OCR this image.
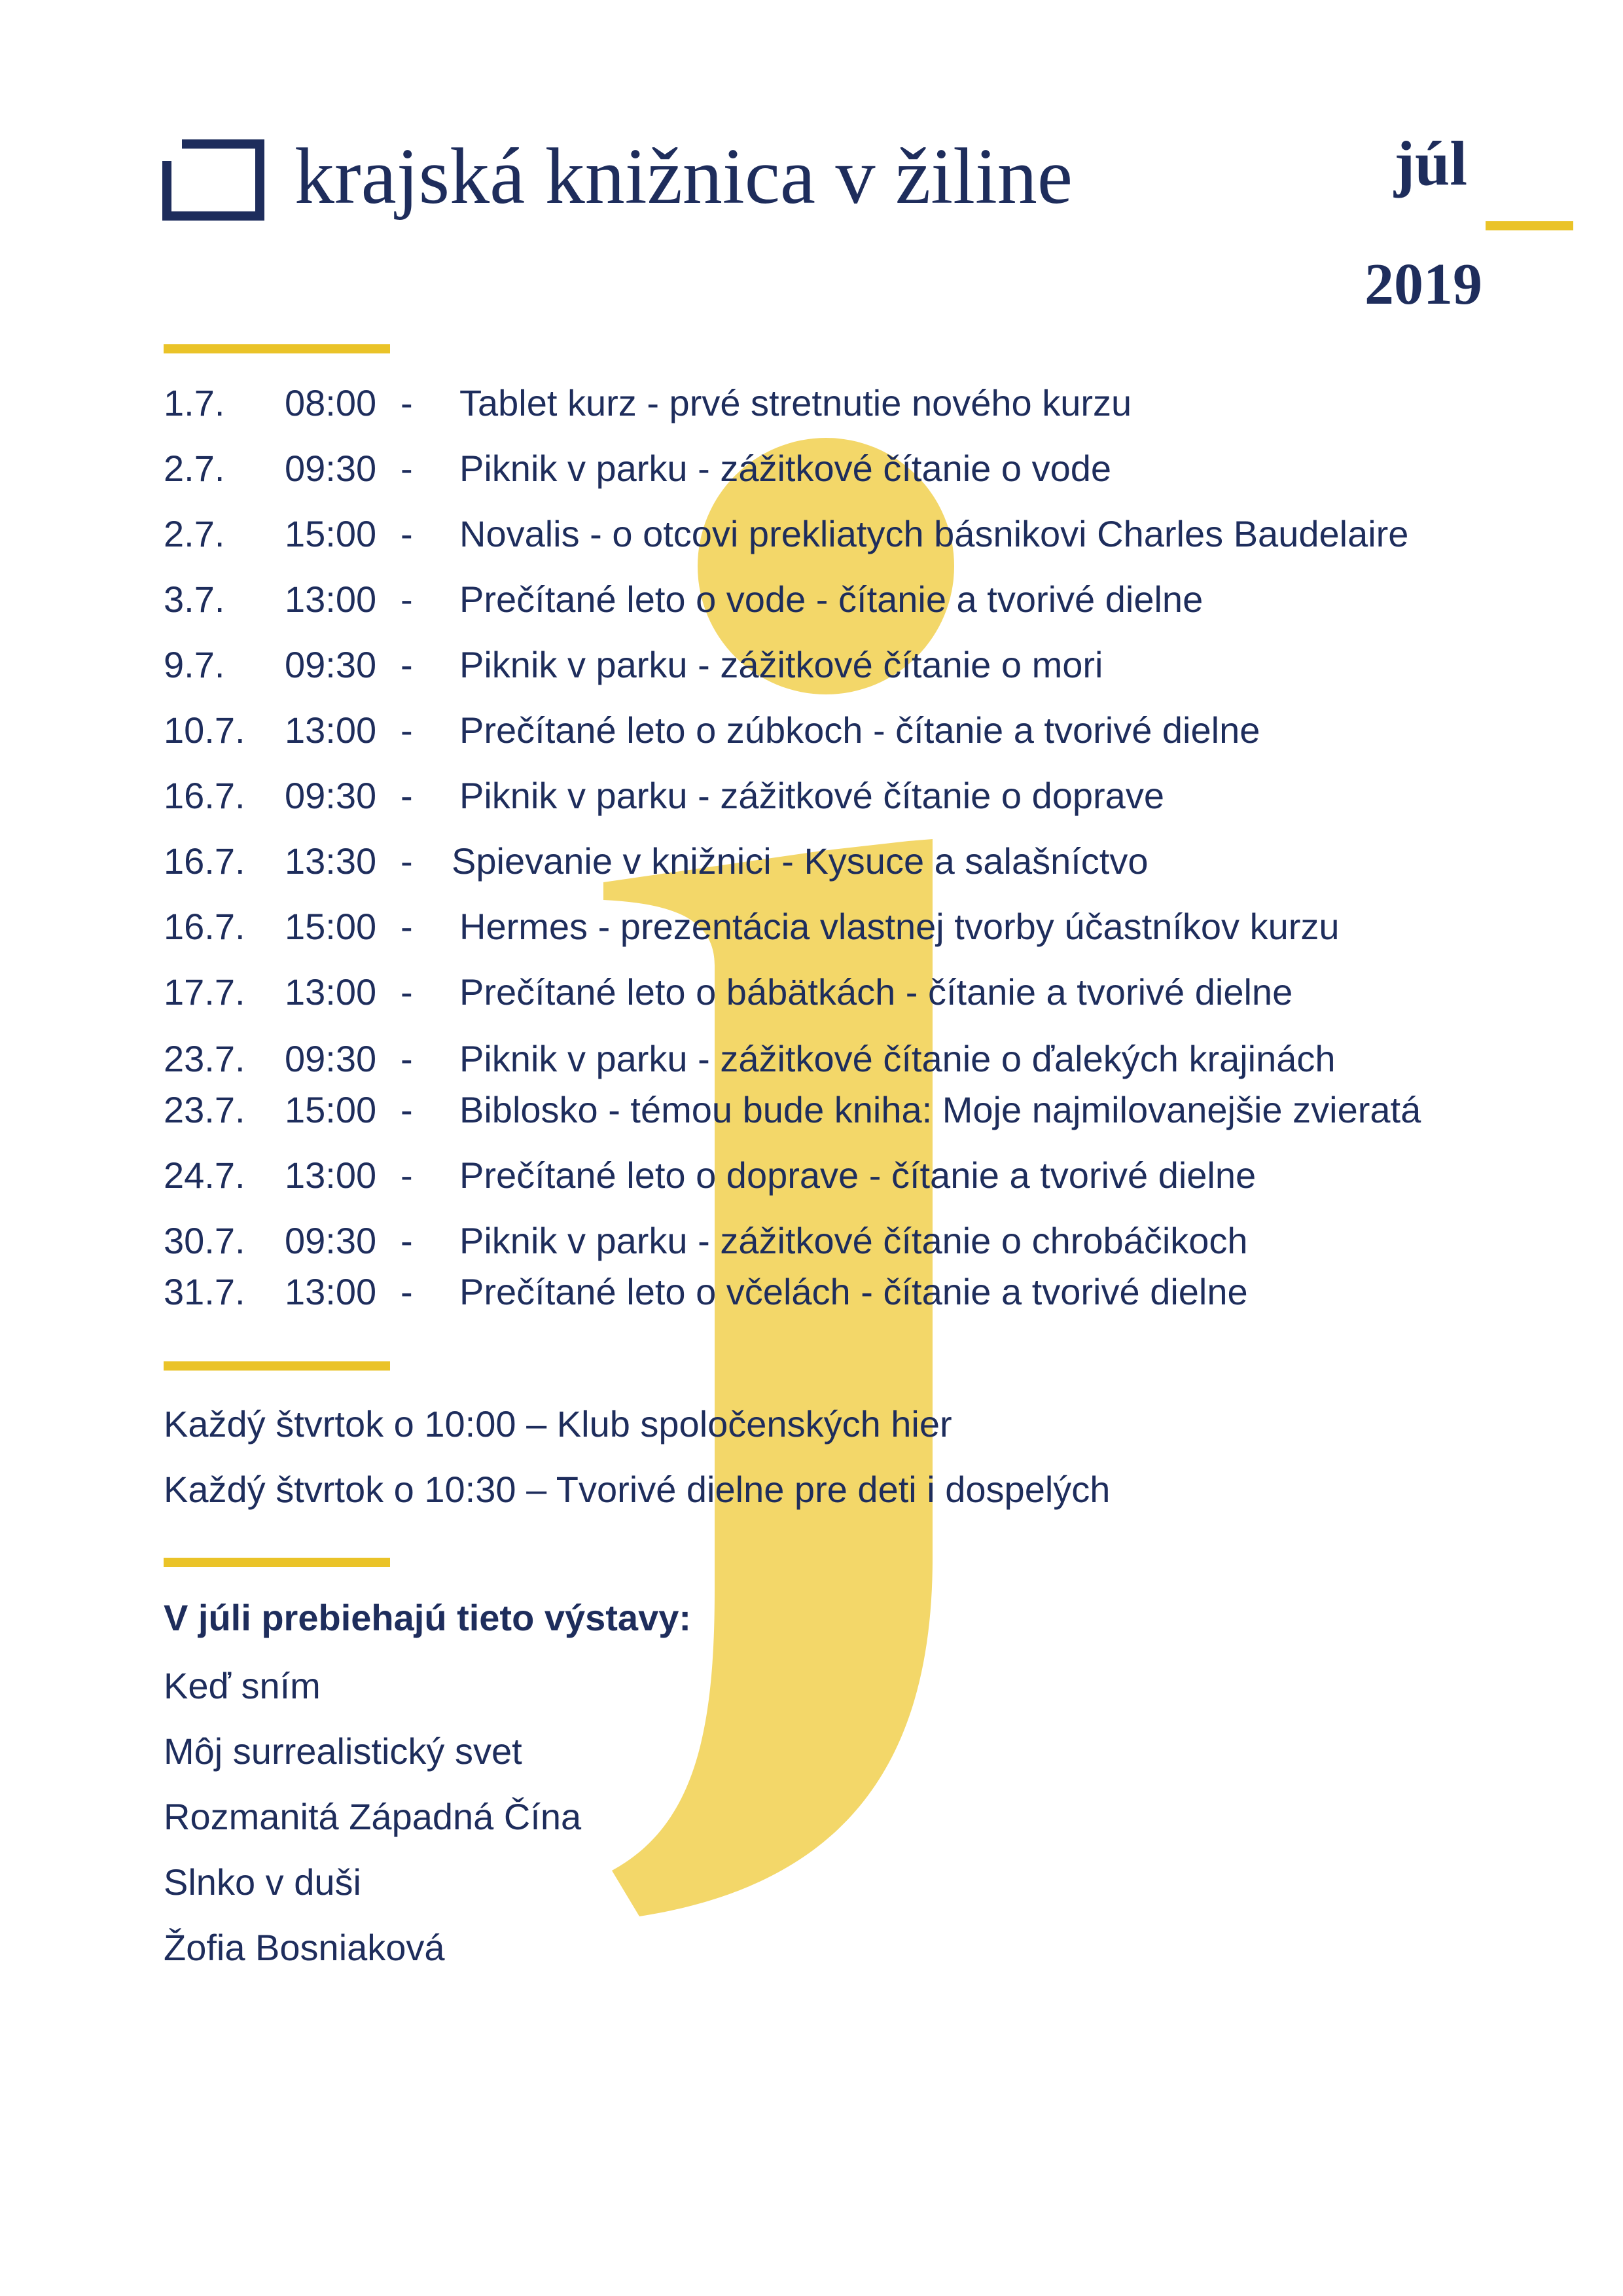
krajská knižnica v žiline	júl
2019
1.7. 08:00 - Tablet kurz - prvé stretnutie nového kurzu
2.7. 09:30 - Piknik v parku - zážitkové čítanie o vode
2.7. 15:00 - Novalis - o otcovi prekliatych básnikovi Charles Baudelaire
3.7. 13:00 - Prečítané leto o vode - čítanie a tvorivé dielne
9.7. 09:30 - Piknik v parku - zážitkové čítanie o mori
10.7. 13:00 - Prečítané leto o zúbkoch - čítanie a tvorivé dielne
16.7. 09:30 - Piknik v parku - zážitkové čítanie o doprave
16.7. 13:30 - Spievanie v knižnici - Kysuce a salašníctvo
16.7. 15:00 - Hermes - prezentácia vlastnej tvorby účastníkov kurzu
17.7. 13:00 - Prečítané leto o bábätkách - čítanie a tvorivé dielne
23.7. 09:30 - Piknik v parku - zážitkové čítanie o ďalekých krajinách
23.7. 15:00 - Biblosko - témou bude kniha: Moje najmilovanejšie zvieratá
24.7. 13:00 - Prečítané leto o doprave - čítanie a tvorivé dielne
30.7. 09:30 - Piknik v parku - zážitkové čítanie o chrobáčikoch
31.7. 13:00 - Prečítané leto o včelách - čítanie a tvorivé dielne
Každý štvrtok o 10:00 – Klub spoločenských hier
Každý štvrtok o 10:30 – Tvorivé dielne pre deti i dospelých
V júli prebiehajú tieto výstavy:
Keď sním
Môj surrealistický svet
Rozmanitá Západná Čína
Slnko v duši
Žofia Bosniaková
